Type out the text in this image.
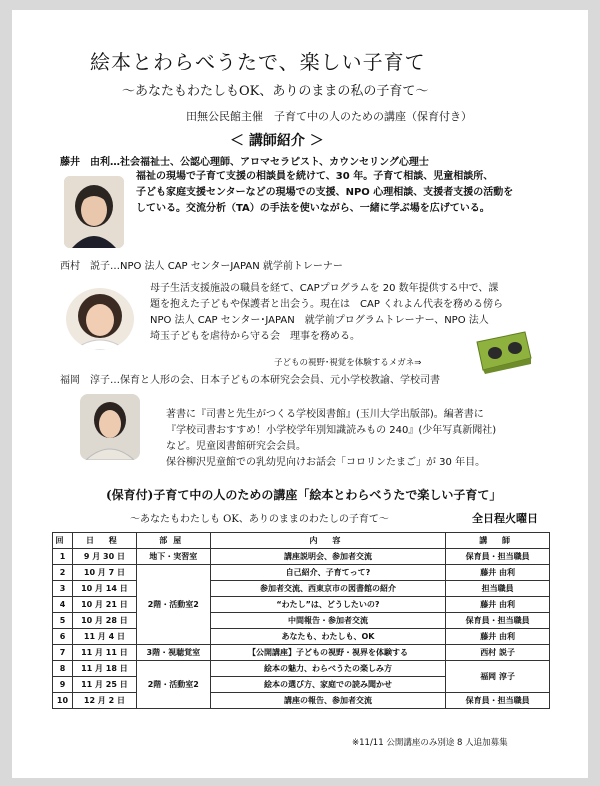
絵本とわらべうたで、楽しい子育て
～あなたもわたしもOK、ありのままの私の子育て～
田無公民館主催　子育て中の人のための講座（保育付き）
＜ 講師紹介 ＞
藤井　由利…社会福祉士、公認心理師、アロマセラピスト、カウンセリング心理士
福祉の現場で子育て支援の相談員を続けて、30 年。子育て相談、児童相談所、
子ども家庭支援センターなどの現場での支援、NPO 心理相談、支援者支援の活動を
している。交流分析（TA）の手法を使いながら、一緒に学ぶ場を広げている。
西村　説子…NPO 法人 CAP センターJAPAN 就学前トレーナー
母子生活支援施設の職員を経て、CAPプログラムを 20 数年提供する中で、課
題を抱えた子どもや保護者と出会う。現在は　CAP くれよん代表を務める傍ら
NPO 法人 CAP センター･JAPAN　就学前プログラムトレーナー、NPO 法人
埼玉子どもを虐待から守る会　理事を務める。
子どもの視野･視覚を体験するメガネ⇒
福岡　淳子…保育と人形の会、日本子どもの本研究会会員、元小学校教諭、学校司書
著書に『司書と先生がつくる学校図書館』(玉川大学出版部)。編著書に
『学校司書おすすめ！小学校学年別知識読みもの 240』(少年写真新聞社)
など。児童図書館研究会会員。
保谷柳沢児童館での乳幼児向けお話会「コロリンたまご」が 30 年目。
(保育付)子育て中の人のための講座「絵本とわらべうたで楽しい子育て」
～あなたもわたしも OK、ありのままのわたしの子育て～	全日程火曜日
回	日 程	部屋	内 容	講 師
1	9 月 30 日	地下・実習室	講座説明会、参加者交流	保育員・担当職員
2	10 月 7 日	2階・活動室2	自己紹介、子育てって?	藤井 由利
3	10 月 14 日		参加者交流、西東京市の図書館の紹介	担当職員
4	10 月 21 日		“わたし”は、どうしたいの?	藤井 由利
5	10 月 28 日		中間報告・参加者交流	保育員・担当職員
6	11 月 4 日		あなたも、わたしも、OK	藤井 由利
7	11 月 11 日	3階・視聴覚室	【公開講座】子どもの視野・視界を体験する	西村 説子
8	11 月 18 日	2階・活動室2	絵本の魅力、わらべうたの楽しみ方	福岡 淳子
9	11 月 25 日		絵本の選び方、家庭での読み聞かせ	
10	12 月 2 日		講座の報告、参加者交流	保育員・担当職員
※11/11 公開講座のみ別途 8 人追加募集
